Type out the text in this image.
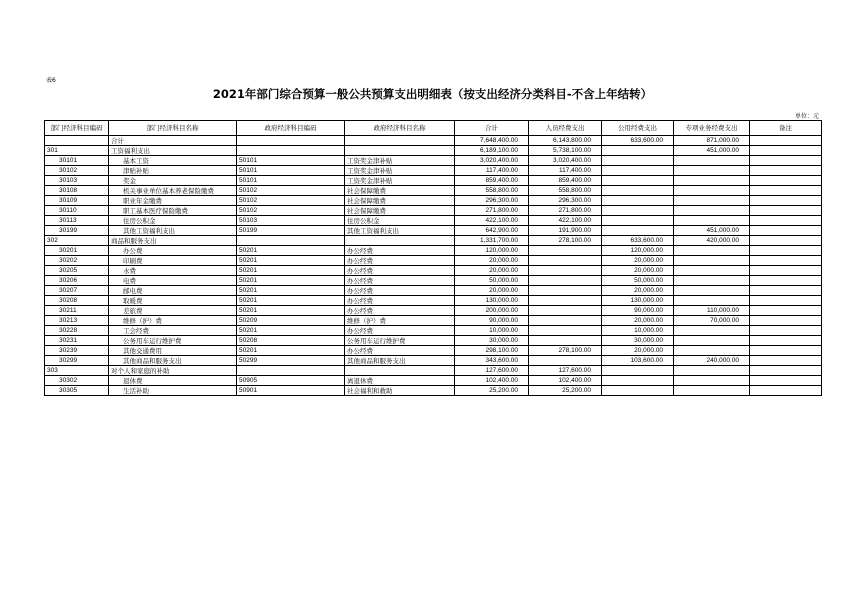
表6
2021年部门综合预算一般公共预算支出明细表（按支出经济分类科目-不含上年结转）
单位：元
部门经济科目编码	部门经济科目名称	政府经济科目编码	政府经济科目名称	合计	人员经费支出	公用经费支出	专项业务经费支出	备注
	合计			7,648,400.00	6,143,800.00	633,600.00	871,000.00	
301	工资福利支出			6,189,100.00	5,738,100.00		451,000.00	
30101	基本工资	50101	工资奖金津补贴	3,020,400.00	3,020,400.00			
30102	津贴补贴	50101	工资奖金津补贴	117,400.00	117,400.00			
30103	奖金	50101	工资奖金津补贴	859,400.00	859,400.00			
30108	机关事业单位基本养老保险缴费	50102	社会保障缴费	558,800.00	558,800.00			
30109	职业年金缴费	50102	社会保障缴费	296,300.00	296,300.00			
30110	职工基本医疗保险缴费	50102	社会保障缴费	271,800.00	271,800.00			
30113	住房公积金	50103	住房公积金	422,100.00	422,100.00			
30199	其他工资福利支出	50199	其他工资福利支出	642,900.00	191,900.00		451,000.00	
302	商品和服务支出			1,331,700.00	278,100.00	633,600.00	420,000.00	
30201	办公费	50201	办公经费	120,000.00		120,000.00		
30202	印刷费	50201	办公经费	20,000.00		20,000.00		
30205	水费	50201	办公经费	20,000.00		20,000.00		
30206	电费	50201	办公经费	50,000.00		50,000.00		
30207	邮电费	50201	办公经费	20,000.00		20,000.00		
30208	取暖费	50201	办公经费	130,000.00		130,000.00		
30211	差旅费	50201	办公经费	200,000.00		90,000.00	110,000.00	
30213	维修（护）费	50209	维修（护）费	90,000.00		20,000.00	70,000.00	
30228	工会经费	50201	办公经费	10,000.00		10,000.00		
30231	公务用车运行维护费	50208	公务用车运行维护费	30,000.00		30,000.00		
30239	其他交通费用	50201	办公经费	298,100.00	278,100.00	20,000.00		
30299	其他商品和服务支出	50299	其他商品和服务支出	343,600.00		103,600.00	240,000.00	
303	对个人和家庭的补助			127,600.00	127,600.00			
30302	退休费	50905	离退休费	102,400.00	102,400.00			
30305	生活补助	50901	社会福利和救助	25,200.00	25,200.00			
